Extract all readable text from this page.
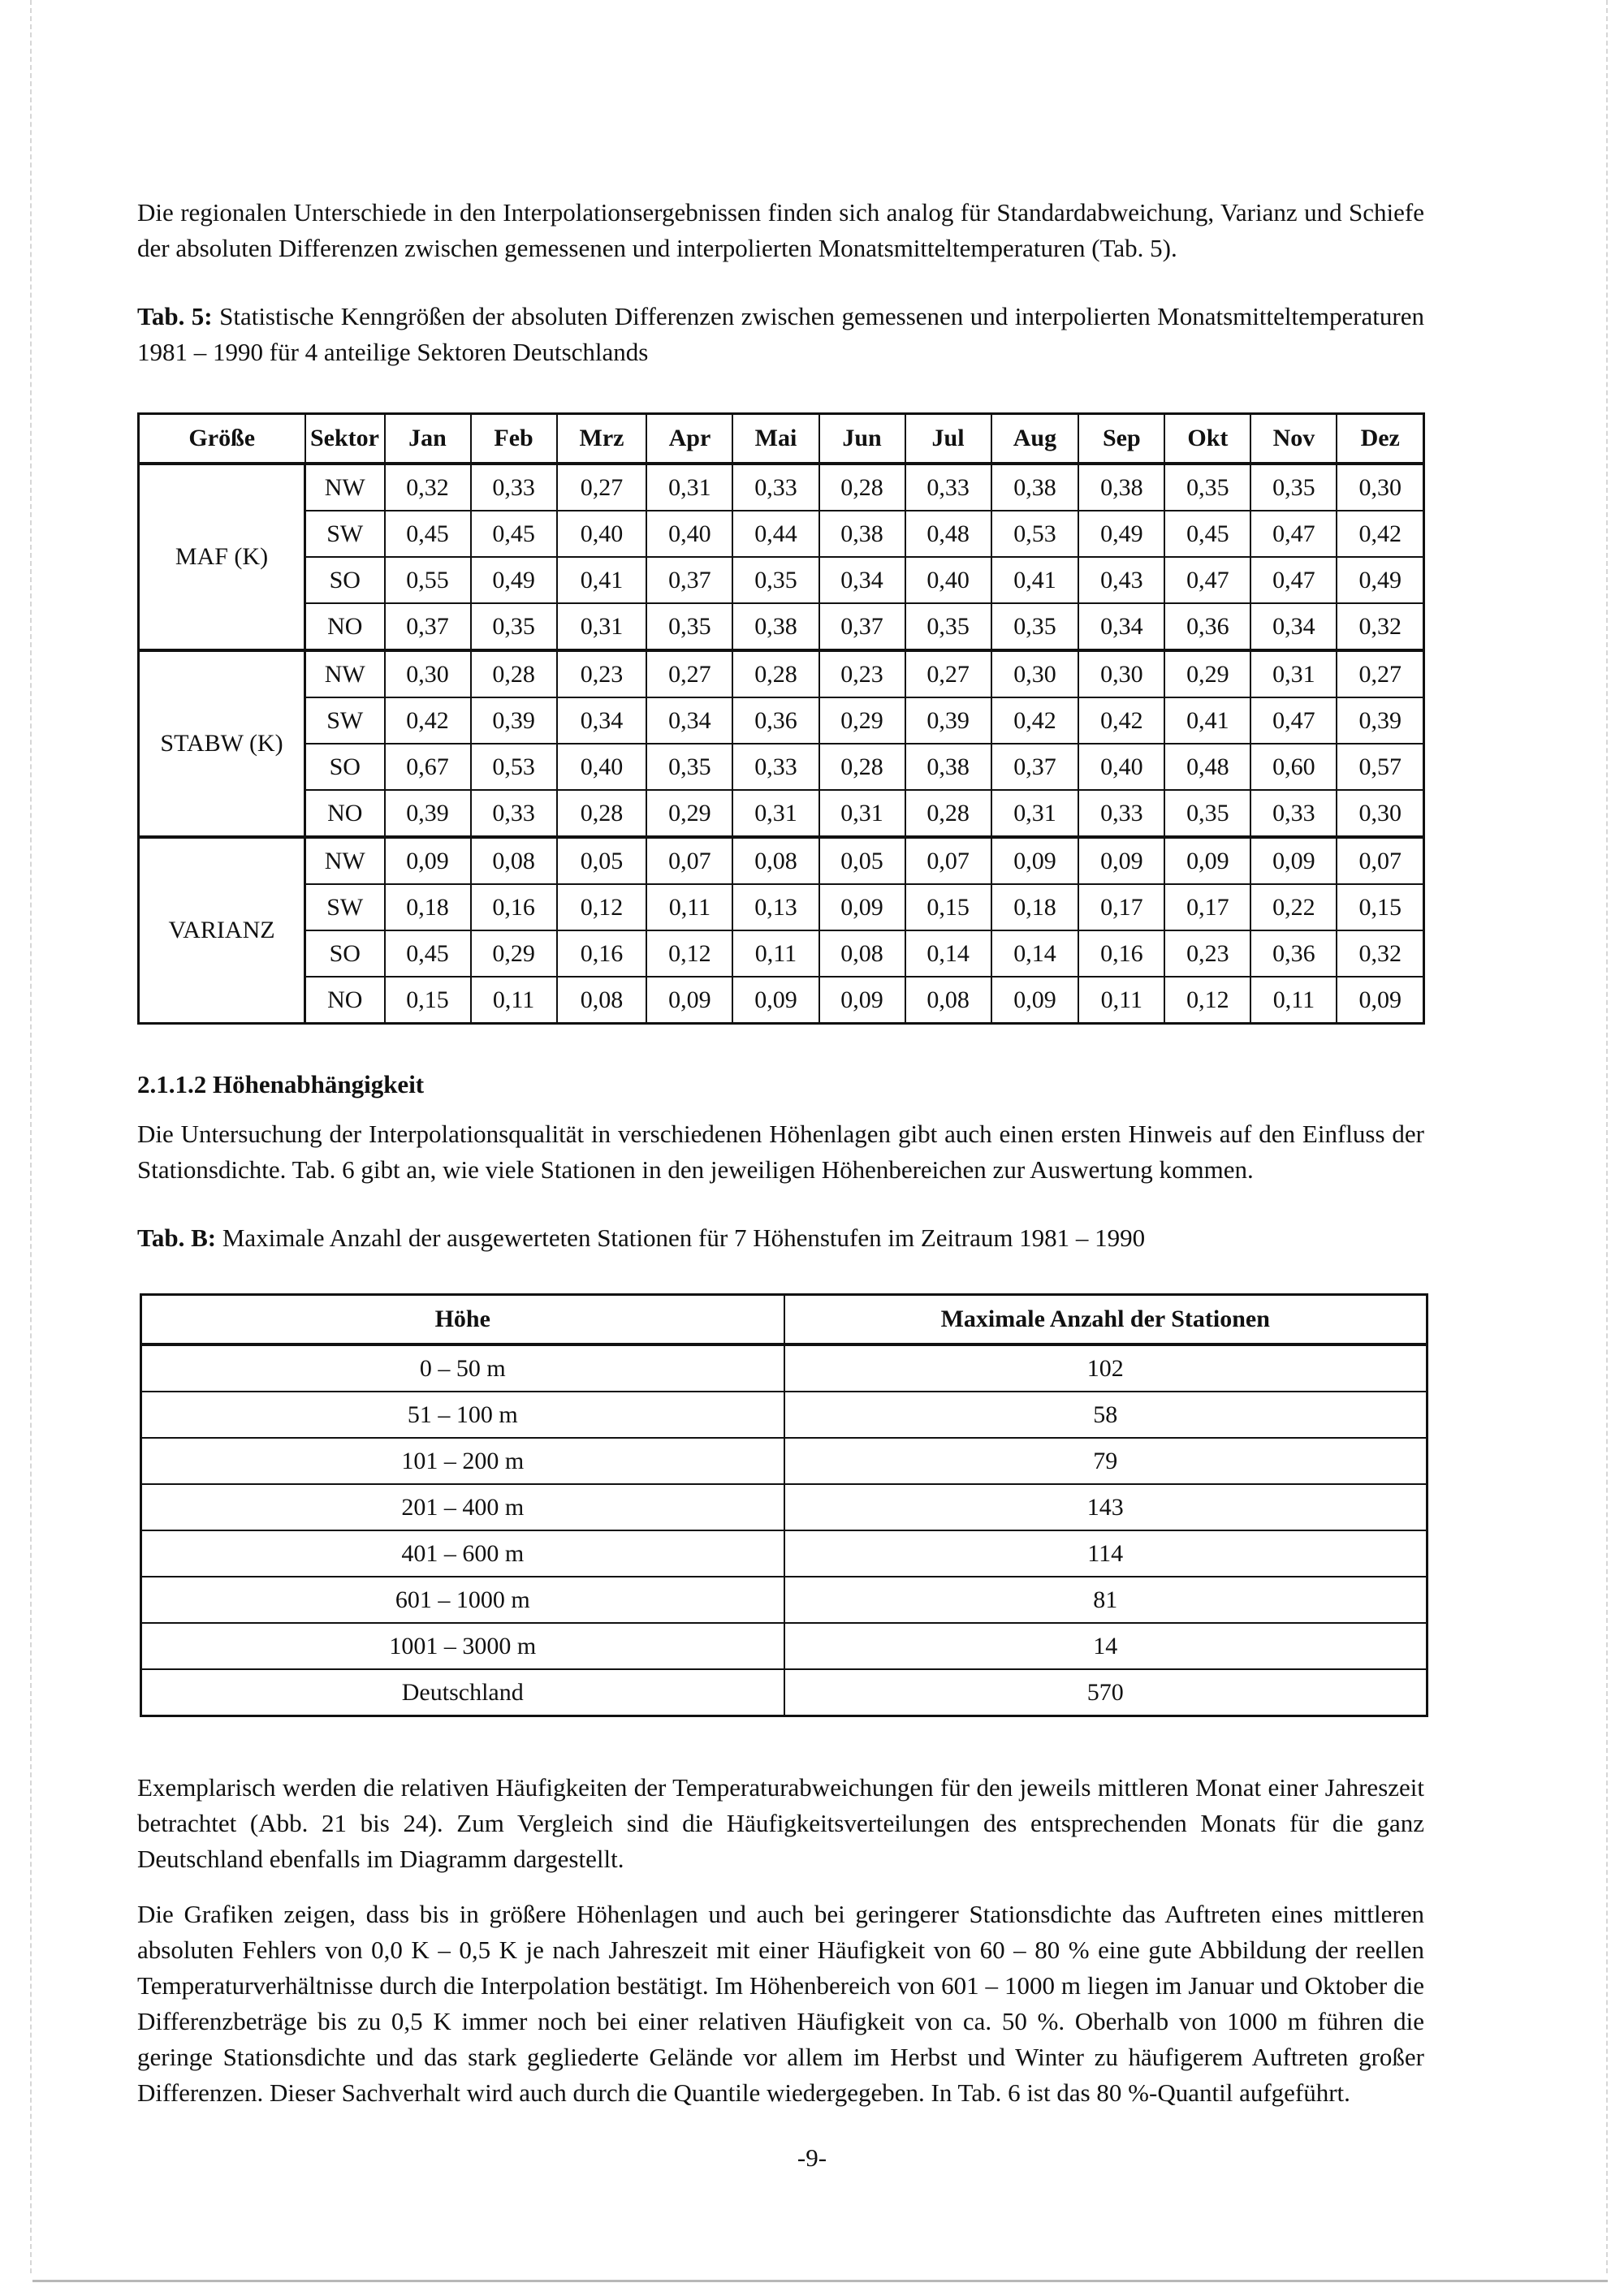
Die regionalen Unterschiede in den Interpolationsergebnissen finden sich analog für Standardabweichung, Varianz und Schiefe der absoluten Differenzen zwischen gemessenen und interpolierten Monatsmitteltemperaturen (Tab. 5).

Tab. 5: Statistische Kenngrößen der absoluten Differenzen zwischen gemessenen und interpolierten Monatsmitteltemperaturen 1981 – 1990 für 4 anteilige Sektoren Deutschlands

Größe	Sektor	Jan	Feb	Mrz	Apr	Mai	Jun	Jul	Aug	Sep	Okt	Nov	Dez
MAF (K)	NW	0,32	0,33	0,27	0,31	0,33	0,28	0,33	0,38	0,38	0,35	0,35	0,30
	SW	0,45	0,45	0,40	0,40	0,44	0,38	0,48	0,53	0,49	0,45	0,47	0,42
	SO	0,55	0,49	0,41	0,37	0,35	0,34	0,40	0,41	0,43	0,47	0,47	0,49
	NO	0,37	0,35	0,31	0,35	0,38	0,37	0,35	0,35	0,34	0,36	0,34	0,32
STABW (K)	NW	0,30	0,28	0,23	0,27	0,28	0,23	0,27	0,30	0,30	0,29	0,31	0,27
	SW	0,42	0,39	0,34	0,34	0,36	0,29	0,39	0,42	0,42	0,41	0,47	0,39
	SO	0,67	0,53	0,40	0,35	0,33	0,28	0,38	0,37	0,40	0,48	0,60	0,57
	NO	0,39	0,33	0,28	0,29	0,31	0,31	0,28	0,31	0,33	0,35	0,33	0,30
VARIANZ	NW	0,09	0,08	0,05	0,07	0,08	0,05	0,07	0,09	0,09	0,09	0,09	0,07
	SW	0,18	0,16	0,12	0,11	0,13	0,09	0,15	0,18	0,17	0,17	0,22	0,15
	SO	0,45	0,29	0,16	0,12	0,11	0,08	0,14	0,14	0,16	0,23	0,36	0,32
	NO	0,15	0,11	0,08	0,09	0,09	0,09	0,08	0,09	0,11	0,12	0,11	0,09
2.1.1.2 Höhenabhängigkeit

Die Untersuchung der Interpolationsqualität in verschiedenen Höhenlagen gibt auch einen ersten Hinweis auf den Einfluss der Stationsdichte. Tab. 6 gibt an, wie viele Stationen in den jeweiligen Höhenbereichen zur Auswertung kommen.

Tab. B: Maximale Anzahl der ausgewerteten Stationen für 7 Höhenstufen im Zeitraum 1981 – 1990

Höhe	Maximale Anzahl der Stationen
0 – 50 m	102
51 – 100 m	58
101 – 200 m	79
201 – 400 m	143
401 – 600 m	114
601 – 1000 m	81
1001 – 3000 m	14
Deutschland	570

Exemplarisch werden die relativen Häufigkeiten der Temperaturabweichungen für den jeweils mittleren Monat einer Jahreszeit betrachtet (Abb. 21 bis 24). Zum Vergleich sind die Häufigkeitsverteilungen des entsprechenden Monats für die ganz Deutschland ebenfalls im Diagramm dargestellt.

Die Grafiken zeigen, dass bis in größere Höhenlagen und auch bei geringerer Stationsdichte das Auftreten eines mittleren absoluten Fehlers von 0,0 K – 0,5 K je nach Jahreszeit mit einer Häufigkeit von 60 – 80 % eine gute Abbildung der reellen Temperaturverhältnisse durch die Interpolation bestätigt. Im Höhenbereich von 601 – 1000 m liegen im Januar und Oktober die Differenzbeträge bis zu 0,5 K immer noch bei einer relativen Häufigkeit von ca. 50 %. Oberhalb von 1000 m führen die geringe Stationsdichte und das stark gegliederte Gelände vor allem im Herbst und Winter zu häufigerem Auftreten großer Differenzen. Dieser Sachverhalt wird auch durch die Quantile wiedergegeben. In Tab. 6 ist das 80 %-Quantil aufgeführt.

-9-
